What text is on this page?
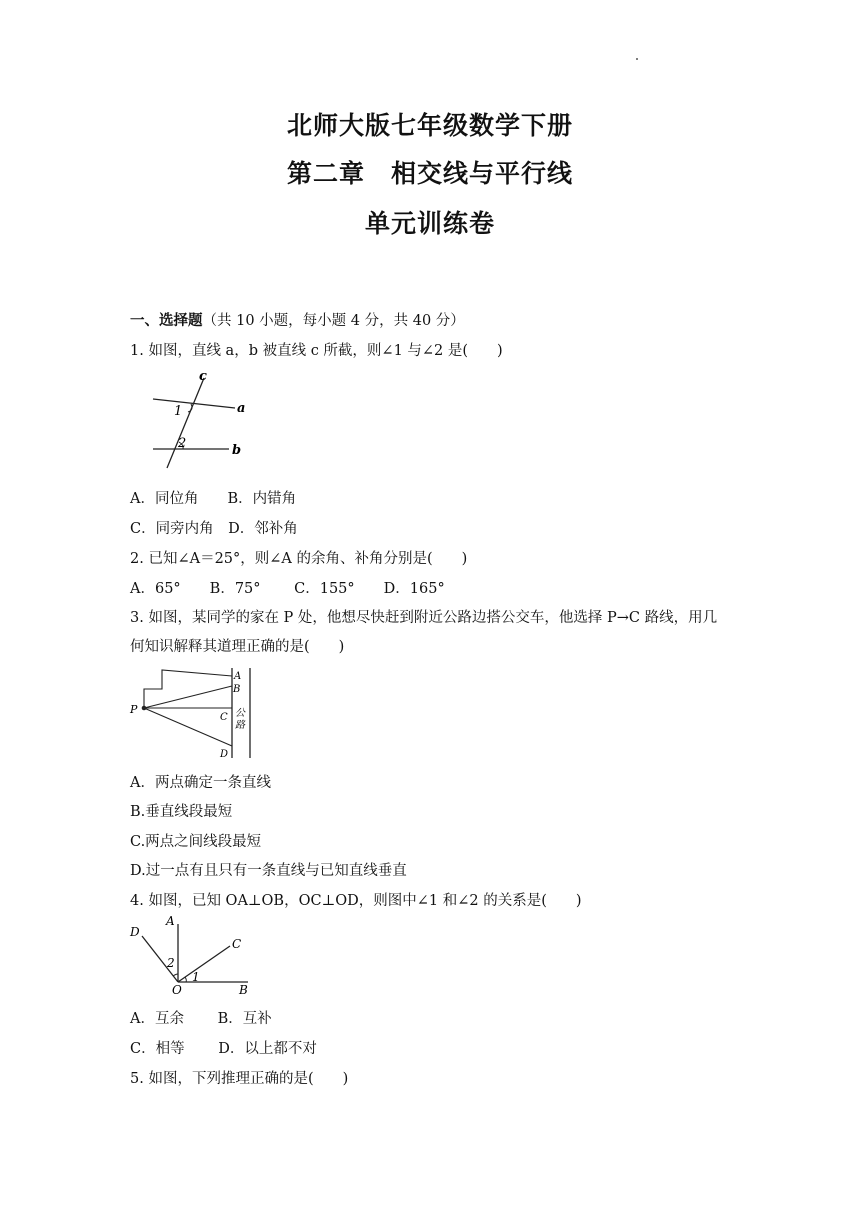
北师大版七年级数学下册
第二章　相交线与平行线
单元训练卷
一、选择题（共 10 小题，每小题 4 分，共 40 分）
1. 如图，直线 a，b 被直线 c 所截，则∠1 与∠2 是(　　)
c
a
b
1
2
A．同位角　　B．内错角
C．同旁内角　D．邻补角
2. 已知∠A＝25°，则∠A 的余角、补角分别是(　　)
A．65°　　B．75°　　 C．155°　　D．165°
3. 如图，某同学的家在 P 处，他想尽快赶到附近公路边搭公交车，他选择 P→C 路线，用几
何知识解释其道理正确的是(　　)
P
A
B
C
D
公
路
A．两点确定一条直线
B.垂直线段最短
C.两点之间线段最短
D.过一点有且只有一条直线与已知直线垂直
4. 如图，已知 OA⊥OB，OC⊥OD，则图中∠1 和∠2 的关系是(　　)
A
D
C
B
O
1
2
A．互余　　 B．互补
C．相等　　 D．以上都不对
5. 如图，下列推理正确的是(　　)
